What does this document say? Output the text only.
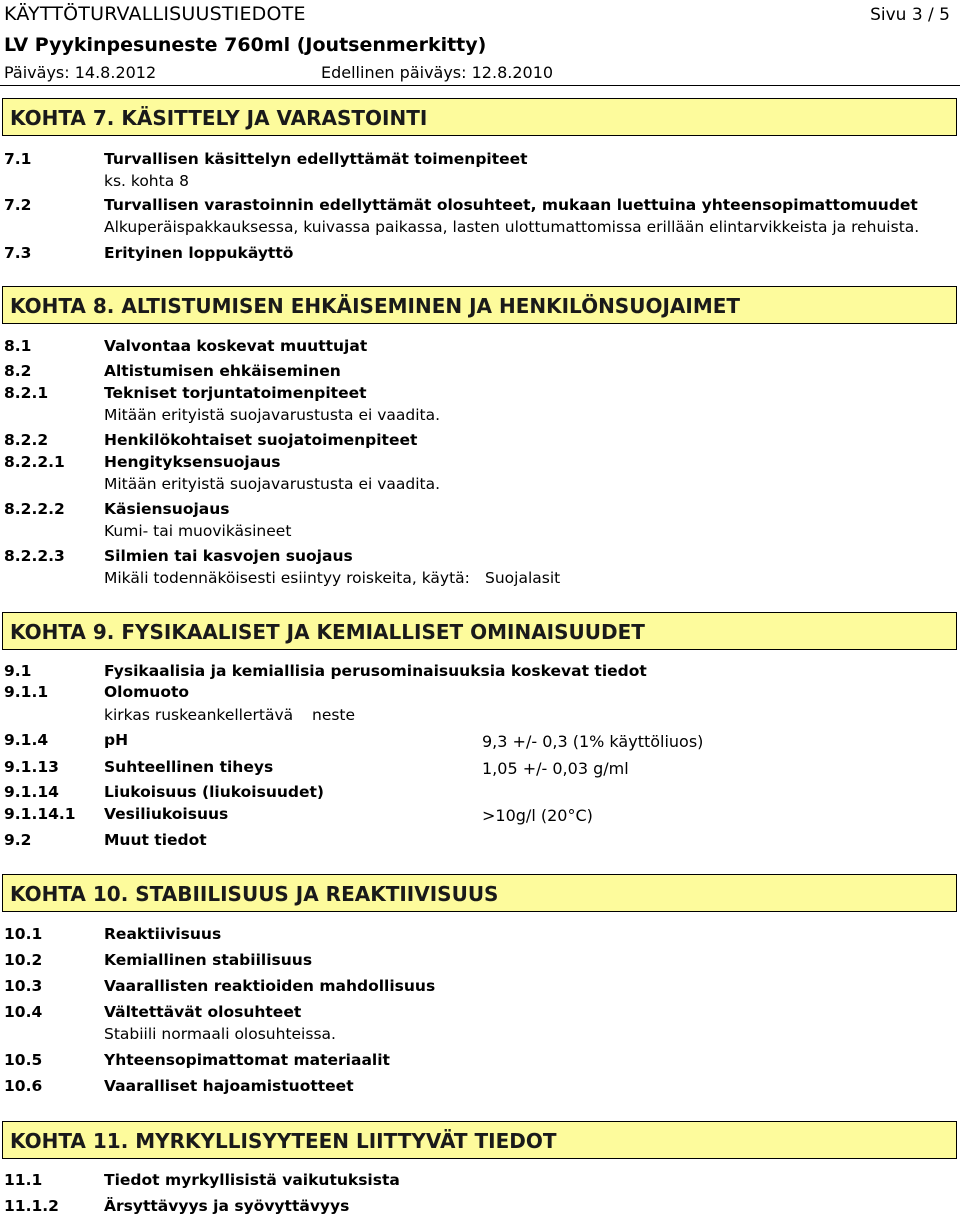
KÄYTTÖTURVALLISUUSTIEDOTE	Sivu 3 / 5
LV Pyykinpesuneste 760ml (Joutsenmerkitty)
Päiväys: 14.8.2012	Edellinen päiväys: 12.8.2010
KOHTA 7. KÄSITTELY JA VARASTOINTI
7.1	Turvallisen käsittelyn edellyttämät toimenpiteet
ks. kohta 8
7.2	Turvallisen varastoinnin edellyttämät olosuhteet, mukaan luettuina yhteensopimattomuudet
Alkuperäispakkauksessa, kuivassa paikassa, lasten ulottumattomissa erillään elintarvikkeista ja rehuista.
7.3	Erityinen loppukäyttö
KOHTA 8. ALTISTUMISEN EHKÄISEMINEN JA HENKILÖNSUOJAIMET
8.1	Valvontaa koskevat muuttujat
8.2	Altistumisen ehkäiseminen
8.2.1	Tekniset torjuntatoimenpiteet
Mitään erityistä suojavarustusta ei vaadita.
8.2.2	Henkilökohtaiset suojatoimenpiteet
8.2.2.1	Hengityksensuojaus
Mitään erityistä suojavarustusta ei vaadita.
8.2.2.2	Käsiensuojaus
Kumi- tai muovikäsineet
8.2.2.3	Silmien tai kasvojen suojaus
Mikäli todennäköisesti esiintyy roiskeita, käytä: Suojalasit
KOHTA 9. FYSIKAALISET JA KEMIALLISET OMINAISUUDET
9.1	Fysikaalisia ja kemiallisia perusominaisuuksia koskevat tiedot
9.1.1	Olomuoto
kirkas ruskeankellertävä neste
9.1.4	pH	9,3 +/- 0,3 (1% käyttöliuos)
9.1.13	Suhteellinen tiheys	1,05 +/- 0,03 g/ml
9.1.14	Liukoisuus (liukoisuudet)
9.1.14.1 Vesiliukoisuus	>10g/l (20°C)
9.2	Muut tiedot
KOHTA 10. STABIILISUUS JA REAKTIIVISUUS
10.1	Reaktiivisuus
10.2	Kemiallinen stabiilisuus
10.3	Vaarallisten reaktioiden mahdollisuus
10.4	Vältettävät olosuhteet
Stabiili normaali olosuhteissa.
10.5	Yhteensopimattomat materiaalit
10.6	Vaaralliset hajoamistuotteet
KOHTA 11. MYRKYLLISYYTEEN LIITTYVÄT TIEDOT
11.1	Tiedot myrkyllisistä vaikutuksista
11.1.2	Ärsyttävyys ja syövyttävyys
